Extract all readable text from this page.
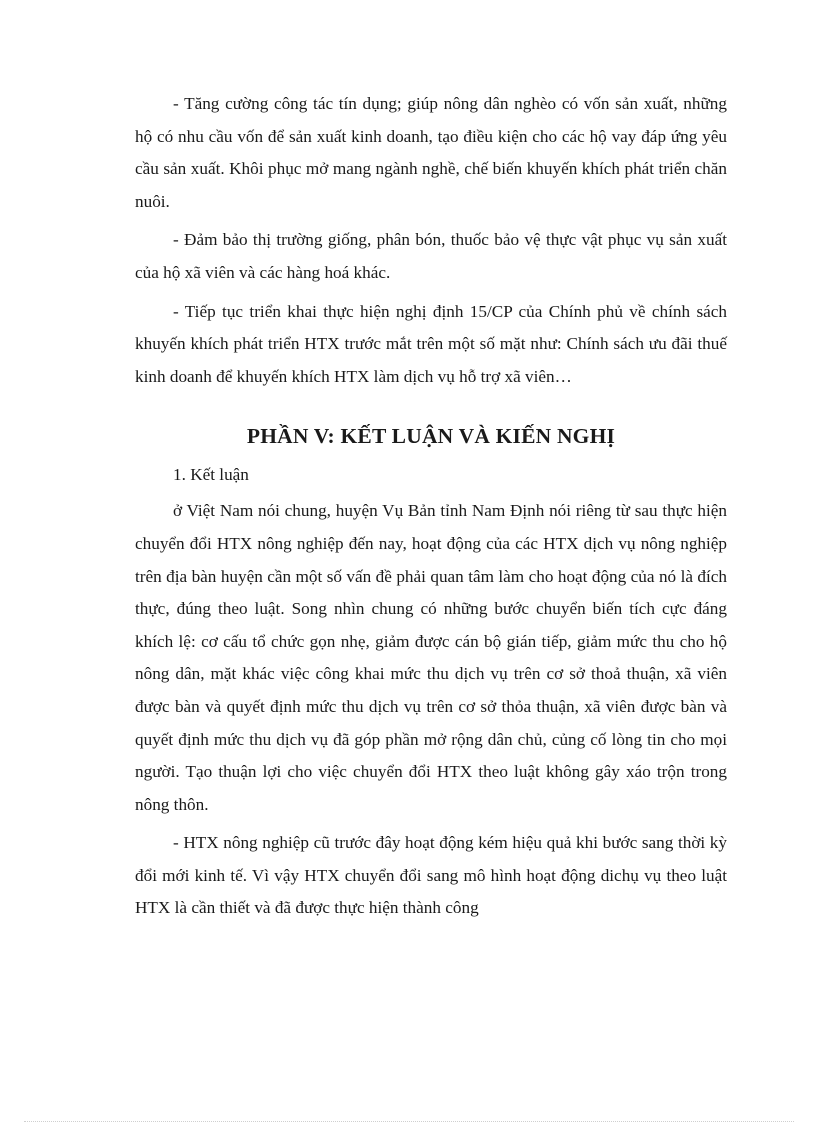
- Tăng cường công tác tín dụng; giúp nông dân nghèo có vốn sản xuất, những hộ có nhu cầu vốn để sản xuất kinh doanh, tạo điều kiện cho các hộ vay đáp ứng yêu cầu sản xuất. Khôi phục mở mang ngành nghề, chế biến khuyến khích phát triển chăn nuôi.

- Đảm bảo thị trường giống, phân bón, thuốc bảo vệ thực vật phục vụ sản xuất của hộ xã viên và các hàng hoá khác.

- Tiếp tục triển khai thực hiện nghị định 15/CP của Chính phủ về chính sách khuyến khích phát triển HTX trước mắt trên một số mặt như: Chính sách ưu đãi thuế kinh doanh để khuyến khích HTX làm dịch vụ hỗ trợ xã viên…

PHẦN V: KẾT LUẬN VÀ KIẾN NGHỊ

1. Kết luận

ở Việt Nam nói chung, huyện Vụ Bản tỉnh Nam Định nói riêng từ sau thực hiện chuyển đổi HTX nông nghiệp đến nay, hoạt động của các HTX dịch vụ nông nghiệp trên địa bàn huyện cần một số vấn đề phải quan tâm làm cho hoạt động của nó là đích thực, đúng theo luật. Song nhìn chung có những bước chuyển biến tích cực đáng khích lệ: cơ cấu tổ chức gọn nhẹ, giảm được cán bộ gián tiếp, giảm mức thu cho hộ nông dân, mặt khác việc công khai mức thu dịch vụ trên cơ sở thoả thuận, xã viên được bàn và quyết định mức thu dịch vụ trên cơ sở thỏa thuận, xã viên được bàn và quyết định mức thu dịch vụ đã góp phần mở rộng dân chủ, củng cố lòng tin cho mọi người. Tạo thuận lợi cho việc chuyển đổi HTX theo luật không gây xáo trộn trong nông thôn.

- HTX nông nghiệp cũ trước đây hoạt động kém hiệu quả khi bước sang thời kỳ đổi mới kinh tế. Vì vậy HTX chuyển đổi sang mô hình hoạt động dichụ vụ theo luật HTX là cần thiết và đã được thực hiện thành công
